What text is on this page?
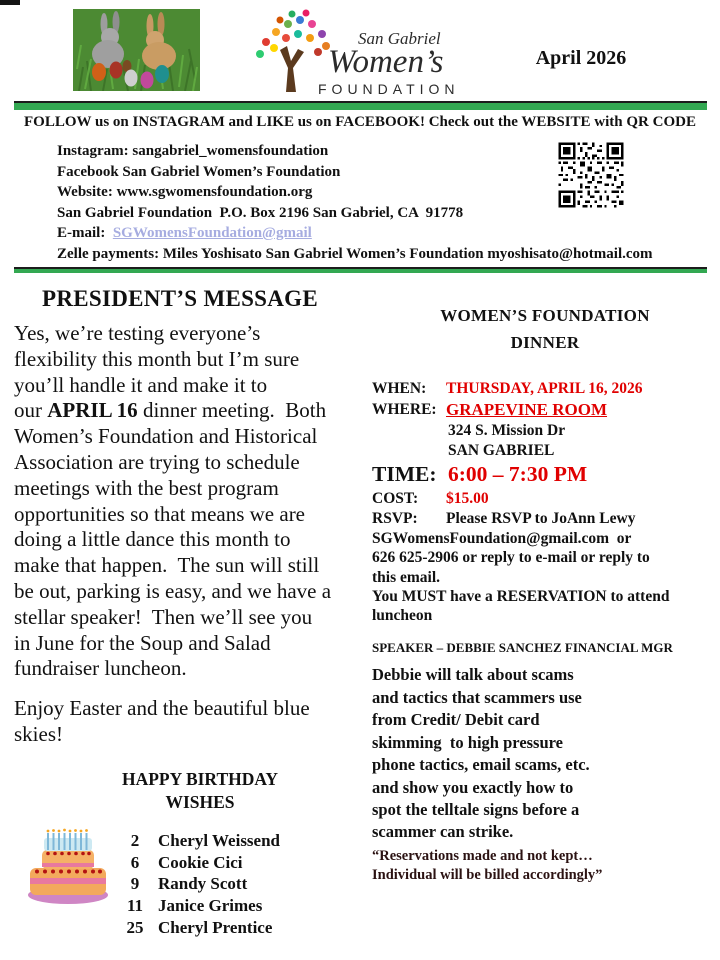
San Gabriel
Women’s
FOUNDATION
April 2026
FOLLOW us on INSTAGRAM and LIKE us on FACEBOOK! Check out the WEBSITE with QR CODE
Instagram: sangabriel_womensfoundation
Facebook San Gabriel Women’s Foundation
Website: www.sgwomensfoundation.org
San Gabriel Foundation  P.O. Box 2196 San Gabriel, CA  91778
E-mail:  SGWomensFoundation@gmail
Zelle payments: Miles Yoshisato San Gabriel Women’s Foundation myoshisato@hotmail.com
PRESIDENT’S MESSAGE
Yes, we’re testing everyone’s
flexibility this month but I’m sure
you’ll handle it and make it to
our APRIL 16 dinner meeting.  Both
Women’s Foundation and Historical
Association are trying to schedule
meetings with the best program
opportunities so that means we are
doing a little dance this month to
make that happen.  The sun will still
be out, parking is easy, and we have a
stellar speaker!  Then we’ll see you
in June for the Soup and Salad
fundraiser luncheon.
Enjoy Easter and the beautiful blue
skies!
HAPPY BIRTHDAY
WISHES
2 Cheryl Weissend
6 Cookie Cici
9 Randy Scott
11 Janice Grimes
25 Cheryl Prentice
WOMEN’S FOUNDATION
DINNER
WHEN:	THURSDAY, APRIL 16, 2026
WHERE: GRAPEVINE ROOM
324 S. Mission Dr
SAN GABRIEL
TIME: 6:00 – 7:30 PM
COST:	$15.00
RSVP:	Please RSVP to JoAnn Lewy
SGWomensFoundation@gmail.com  or
626 625-2906 or reply to e-mail or reply to
this email.
You MUST have a RESERVATION to attend
luncheon
SPEAKER – DEBBIE SANCHEZ FINANCIAL MGR
Debbie will talk about scams
and tactics that scammers use
from Credit/ Debit card
skimming  to high pressure
phone tactics, email scams, etc.
and show you exactly how to
spot the telltale signs before a
scammer can strike.
“Reservations made and not kept…
Individual will be billed accordingly”
